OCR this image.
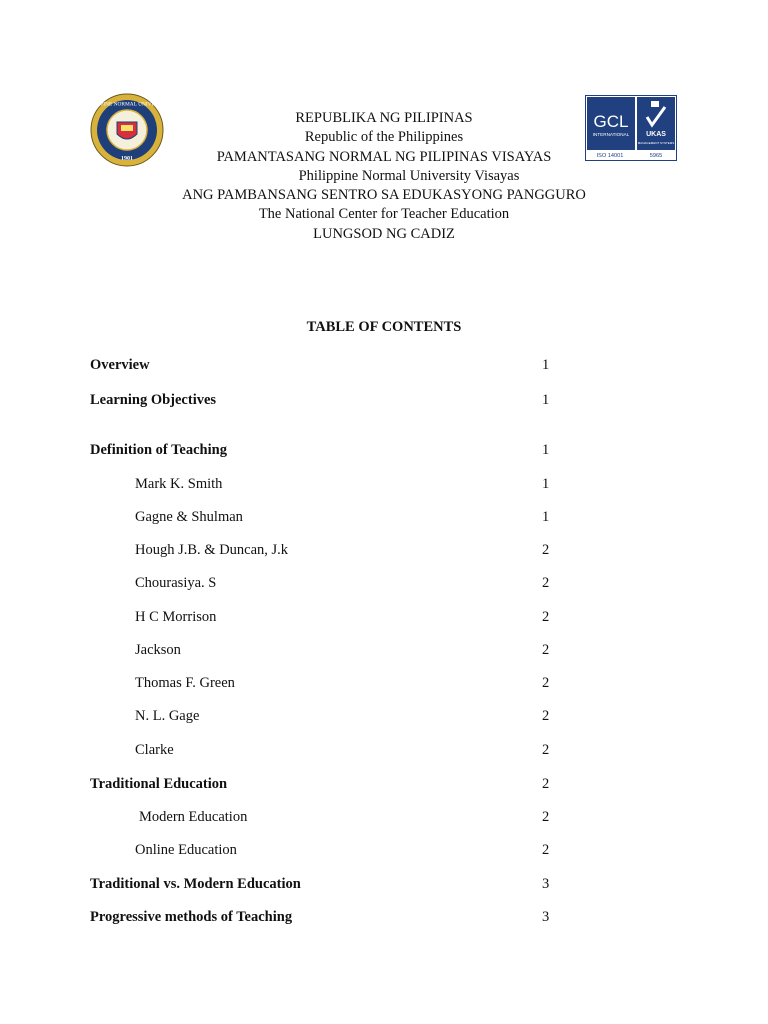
PHILIPPINE NORMAL UNIVERSITY
1901
GCL
INTERNATIONAL UKAS
MANAGEMENT SYSTEMS
ISO 14001	5965
REPUBLIKA NG PILIPINAS
Republic of the Philippines
PAMANTASANG NORMAL NG PILIPINAS VISAYAS
Philippine Normal University Visayas
ANG PAMBANSANG SENTRO SA EDUKASYONG PANGGURO
The National Center for Teacher Education
LUNGSOD NG CADIZ
TABLE OF CONTENTS
Overview	1
Learning Objectives	1
Definition of Teaching	1
Mark K. Smith	1
Gagne & Shulman	1
Hough J.B. & Duncan, J.k	2
Chourasiya. S	2
H C Morrison	2
Jackson	2
Thomas F. Green	2
N. L. Gage	2
Clarke	2
Traditional Education	2
Modern Education	2
Online Education	2
Traditional vs. Modern Education	3
Progressive methods of Teaching	3
